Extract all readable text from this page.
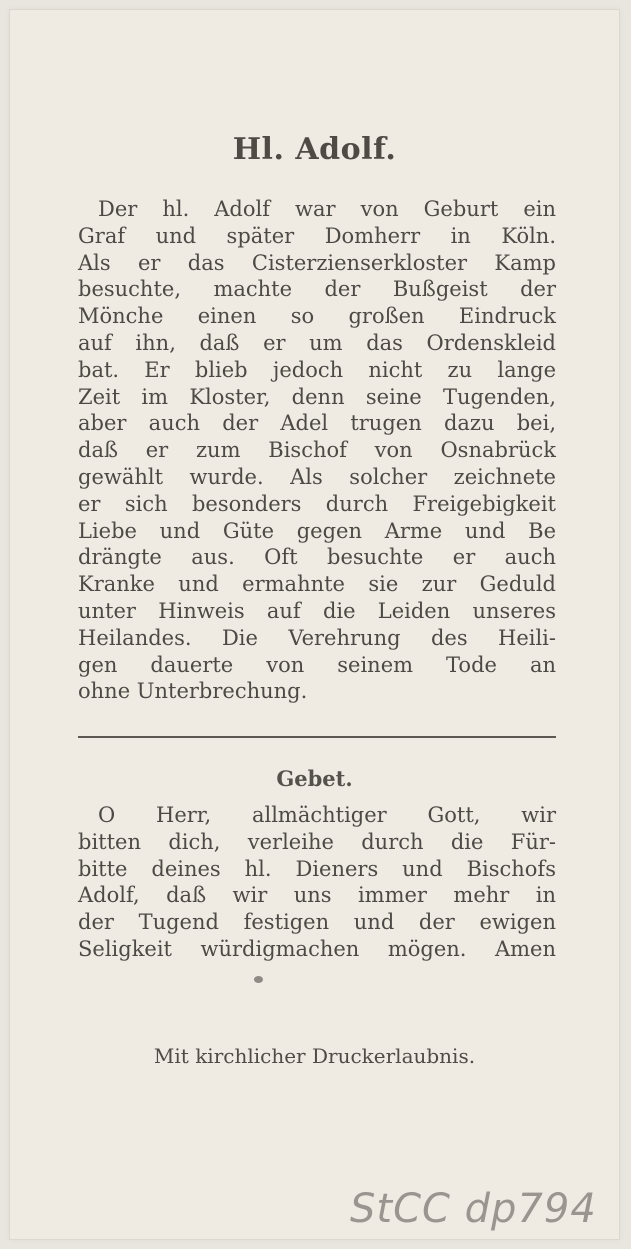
Hl. Adolf.
Der hl. Adolf war von Geburt ein
Graf und später Domherr in Köln.
Als er das Cisterzienserkloster Kamp
besuchte, machte der Bußgeist der
Mönche einen so großen Eindruck
auf ihn, daß er um das Ordenskleid
bat. Er blieb jedoch nicht zu lange
Zeit im Kloster, denn seine Tugenden,
aber auch der Adel trugen dazu bei,
daß er zum Bischof von Osnabrück
gewählt wurde. Als solcher zeichnete
er sich besonders durch Freigebigkeit
Liebe und Güte gegen Arme und Be
drängte aus. Oft besuchte er auch
Kranke und ermahnte sie zur Geduld
unter Hinweis auf die Leiden unseres
Heilandes. Die Verehrung des Heili-
gen dauerte von seinem Tode an
ohne Unterbrechung.
Gebet.
O Herr, allmächtiger Gott, wir
bitten dich, verleihe durch die Für-
bitte deines hl. Dieners und Bischofs
Adolf, daß wir uns immer mehr in
der Tugend festigen und der ewigen
Seligkeit würdigmachen mögen. Amen

Mit kirchlicher Druckerlaubnis.

StCC dp794
